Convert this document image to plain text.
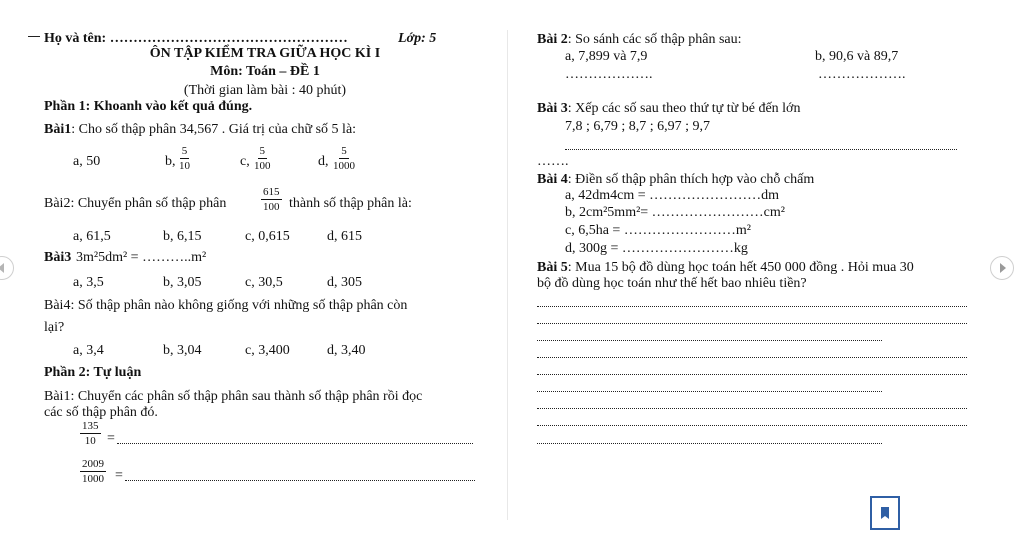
Họ và tên: ……………………………………………	Lớp: 5
ÔN TẬP KIỂM TRA GIỮA HỌC KÌ I
Môn: Toán – ĐỀ 1
(Thời gian làm bài : 40 phút)
Phần 1: Khoanh vào kết quả đúng.
Bài1: Cho số thập phân 34,567 . Giá trị của chữ số 5 là:
a, 50	b, $\frac{5}{10}$	c, $\frac{5}{100}$	d, $\frac{5}{1000}$
Bài2: Chuyển phân số thập phân	$\frac{615}{100}$ thành số thập phân là:
a, 61,5	b, 6,15	c, 0,615	d, 615
Bài3 3m²5dm² = ………..m²
a, 3,5	b, 3,05	c, 30,5	d, 305
Bài4: Số thập phân nào không giống với những số thập phân còn
lại?
a, 3,4	b, 3,04	c, 3,400	d, 3,40
Phần 2: Tự luận
Bài1: Chuyển các phân số thập phân sau thành số thập phân rồi đọc
các số thập phân đó.
$\frac{135}{10}$ =
$\frac{2009}{1000}$ =
Bài 2: So sánh các số thập phân sau:
a, 7,899 và 7,9	b, 90,6 và 89,7
……………….	……………….
Bài 3: Xếp các số sau theo thứ tự từ bé đến lớn
7,8 ; 6,79 ; 8,7 ; 6,97 ; 9,7
…….
Bài 4: Điền số thập phân thích hợp vào chỗ chấm
a, 42dm4cm = ……………………dm
b, 2cm²5mm²= ……………………cm²
c, 6,5ha = ……………………m²
d, 300g = ……………………kg
Bài 5: Mua 15 bộ đồ dùng học toán hết 450 000 đồng . Hỏi mua 30
bộ đồ dùng học toán như thế hết bao nhiêu tiền?
